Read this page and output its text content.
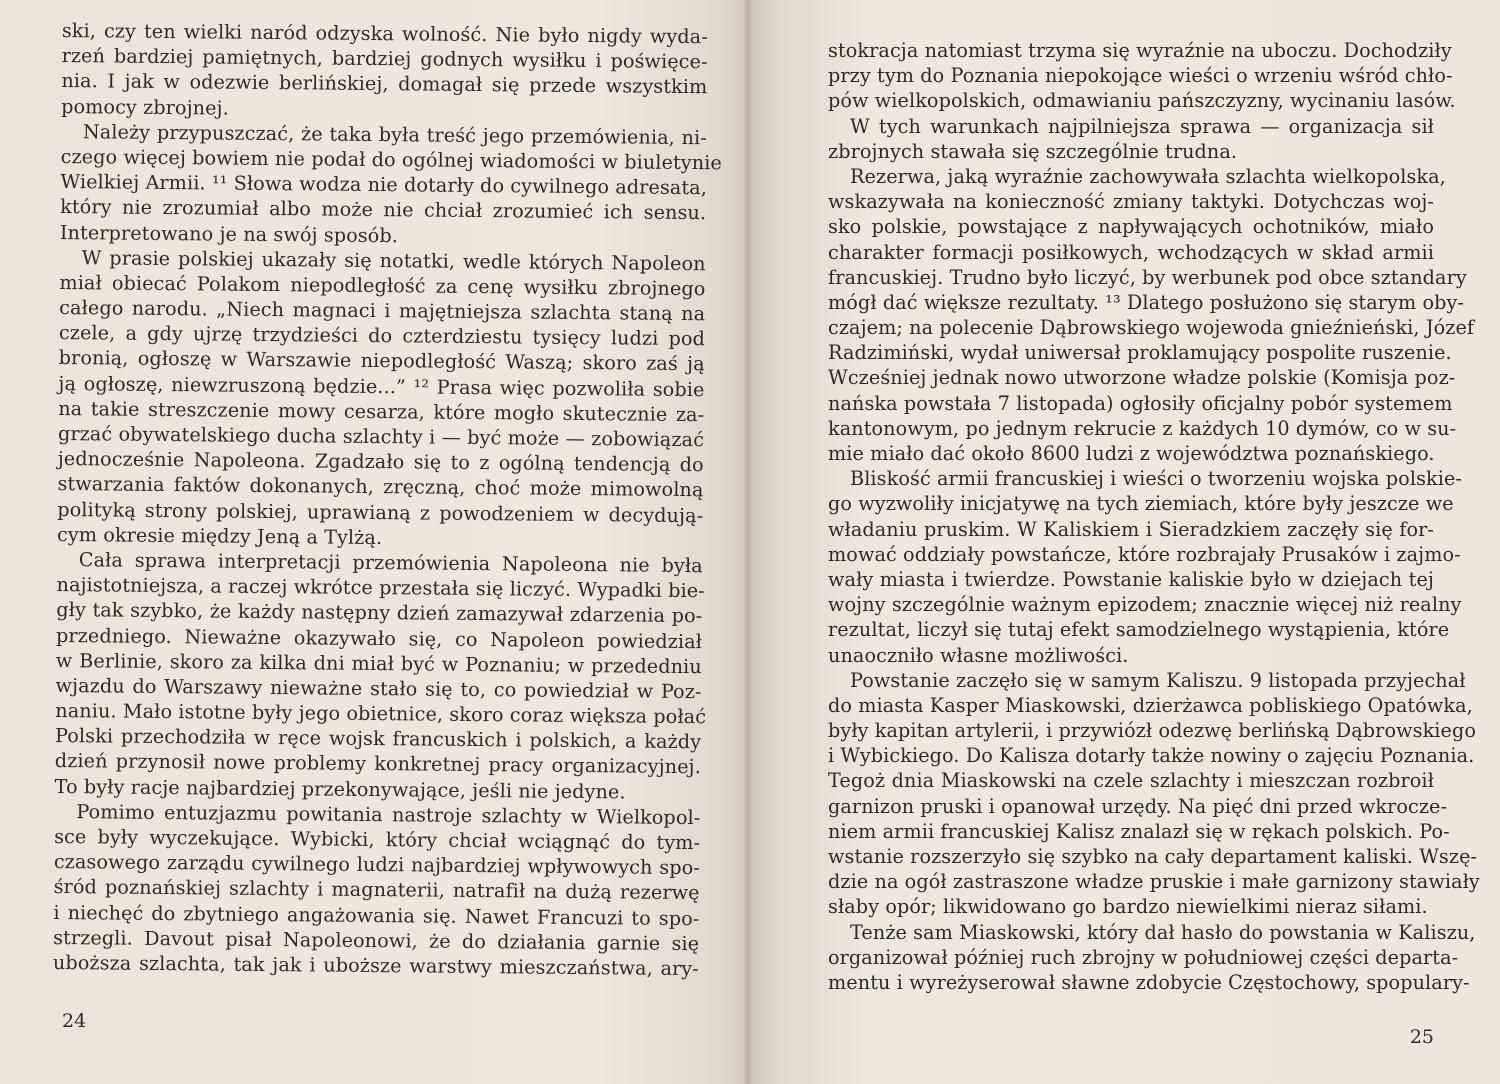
ski, czy ten wielki naród odzyska wolność. Nie było nigdy wyda-
rzeń bardziej pamiętnych, bardziej godnych wysiłku i poświęce-
nia. I jak w odezwie berlińskiej, domagał się przede wszystkim
pomocy zbrojnej.
Należy przypuszczać, że taka była treść jego przemówienia, ni-
czego więcej bowiem nie podał do ogólnej wiadomości w biuletynie
Wielkiej Armii. ¹¹ Słowa wodza nie dotarły do cywilnego adresata,
który nie zrozumiał albo może nie chciał zrozumieć ich sensu.
Interpretowano je na swój sposób.
W prasie polskiej ukazały się notatki, wedle których Napoleon
miał obiecać Polakom niepodległość za cenę wysiłku zbrojnego
całego narodu. „Niech magnaci i majętniejsza szlachta staną na
czele, a gdy ujrzę trzydzieści do czterdziestu tysięcy ludzi pod
bronią, ogłoszę w Warszawie niepodległość Waszą; skoro zaś ją
ją ogłoszę, niewzruszoną będzie...” ¹² Prasa więc pozwoliła sobie
na takie streszczenie mowy cesarza, które mogło skutecznie za-
grzać obywatelskiego ducha szlachty i — być może — zobowiązać
jednocześnie Napoleona. Zgadzało się to z ogólną tendencją do
stwarzania faktów dokonanych, zręczną, choć może mimowolną
polityką strony polskiej, uprawianą z powodzeniem w decydują-
cym okresie między Jeną a Tylżą.
Cała sprawa interpretacji przemówienia Napoleona nie była
najistotniejsza, a raczej wkrótce przestała się liczyć. Wypadki bie-
gły tak szybko, że każdy następny dzień zamazywał zdarzenia po-
przedniego. Nieważne okazywało się, co Napoleon powiedział
w Berlinie, skoro za kilka dni miał być w Poznaniu; w przededniu
wjazdu do Warszawy nieważne stało się to, co powiedział w Poz-
naniu. Mało istotne były jego obietnice, skoro coraz większa połać
Polski przechodziła w ręce wojsk francuskich i polskich, a każdy
dzień przynosił nowe problemy konkretnej pracy organizacyjnej.
To były racje najbardziej przekonywające, jeśli nie jedyne.
Pomimo entuzjazmu powitania nastroje szlachty w Wielkopol-
sce były wyczekujące. Wybicki, który chciał wciągnąć do tym-
czasowego zarządu cywilnego ludzi najbardziej wpływowych spo-
śród poznańskiej szlachty i magnaterii, natrafił na dużą rezerwę
i niechęć do zbytniego angażowania się. Nawet Francuzi to spo-
strzegli. Davout pisał Napoleonowi, że do działania garnie się
uboższa szlachta, tak jak i uboższe warstwy mieszczaństwa, ary-
24
stokracja natomiast trzyma się wyraźnie na uboczu. Dochodziły
przy tym do Poznania niepokojące wieści o wrzeniu wśród chło-
pów wielkopolskich, odmawianiu pańszczyzny, wycinaniu lasów.
W tych warunkach najpilniejsza sprawa — organizacja sił
zbrojnych stawała się szczególnie trudna.
Rezerwa, jaką wyraźnie zachowywała szlachta wielkopolska,
wskazywała na konieczność zmiany taktyki. Dotychczas woj-
sko polskie, powstające z napływających ochotników, miało
charakter formacji posiłkowych, wchodzących w skład armii
francuskiej. Trudno było liczyć, by werbunek pod obce sztandary
mógł dać większe rezultaty. ¹³ Dlatego posłużono się starym oby-
czajem; na polecenie Dąbrowskiego wojewoda gnieźnieński, Józef
Radzimiński, wydał uniwersał proklamujący pospolite ruszenie.
Wcześniej jednak nowo utworzone władze polskie (Komisja poz-
nańska powstała 7 listopada) ogłosiły oficjalny pobór systemem
kantonowym, po jednym rekrucie z każdych 10 dymów, co w su-
mie miało dać około 8600 ludzi z województwa poznańskiego.
Bliskość armii francuskiej i wieści o tworzeniu wojska polskie-
go wyzwoliły inicjatywę na tych ziemiach, które były jeszcze we
władaniu pruskim. W Kaliskiem i Sieradzkiem zaczęły się for-
mować oddziały powstańcze, które rozbrajały Prusaków i zajmo-
wały miasta i twierdze. Powstanie kaliskie było w dziejach tej
wojny szczególnie ważnym epizodem; znacznie więcej niż realny
rezultat, liczył się tutaj efekt samodzielnego wystąpienia, które
unaoczniło własne możliwości.
Powstanie zaczęło się w samym Kaliszu. 9 listopada przyjechał
do miasta Kasper Miaskowski, dzierżawca pobliskiego Opatówka,
były kapitan artylerii, i przywiózł odezwę berlińską Dąbrowskiego
i Wybickiego. Do Kalisza dotarły także nowiny o zajęciu Poznania.
Tegoż dnia Miaskowski na czele szlachty i mieszczan rozbroił
garnizon pruski i opanował urzędy. Na pięć dni przed wkrocze-
niem armii francuskiej Kalisz znalazł się w rękach polskich. Po-
wstanie rozszerzyło się szybko na cały departament kaliski. Wszę-
dzie na ogół zastraszone władze pruskie i małe garnizony stawiały
słaby opór; likwidowano go bardzo niewielkimi nieraz siłami.
Tenże sam Miaskowski, który dał hasło do powstania w Kaliszu,
organizował później ruch zbrojny w południowej części departa-
mentu i wyreżyserował sławne zdobycie Częstochowy, spopulary-
25
